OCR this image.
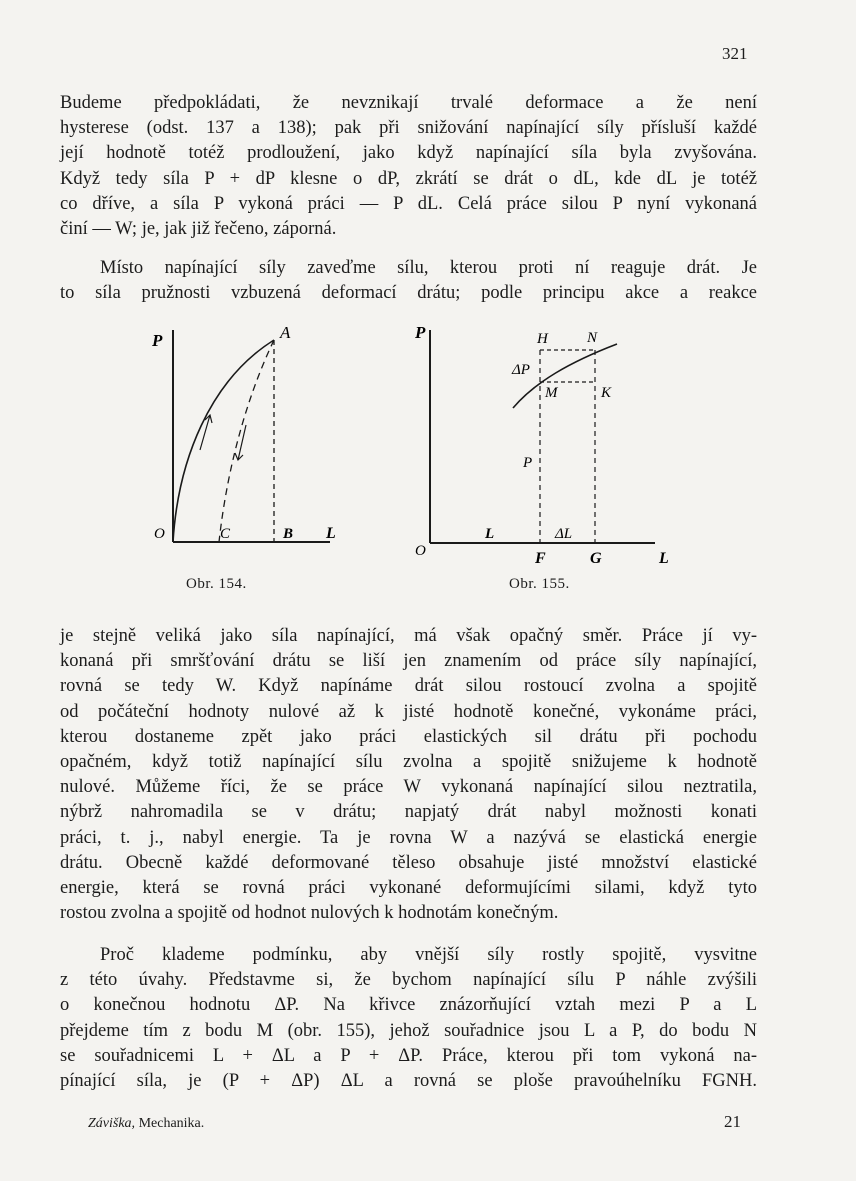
321
Budeme předpokládati, že nevznikají trvalé deformace a že není
hysterese (odst. 137 a 138); pak při snižování napínající síly přísluší každé
její hodnotě totéž prodloužení, jako když napínající síla byla zvyšována.
Když tedy síla P + dP klesne o dP, zkrátí se drát o dL, kde dL je totéž
co dříve, a síla P vykoná práci — P dL. Celá práce silou P nyní vykonaná
činí — W; je, jak již řečeno, záporná.
Místo napínající síly zaveďme sílu, kterou proti ní reaguje drát. Je
to síla pružnosti vzbuzená deformací drátu; podle principu akce a reakce
P	A
O	C	B L
Obr. 154.
P	H	N
ΔP
M	K
P
O
L	ΔL
F	G	L
Obr. 155.
je stejně veliká jako síla napínající, má však opačný směr. Práce jí vy-
konaná při smršťování drátu se liší jen znamením od práce síly napínající,
rovná se tedy W. Když napínáme drát silou rostoucí zvolna a spojitě
od počáteční hodnoty nulové až k jisté hodnotě konečné, vykonáme práci,
kterou dostaneme zpět jako práci elastických sil drátu při pochodu
opačném, když totiž napínající sílu zvolna a spojitě snižujeme k hodnotě
nulové. Můžeme říci, že se práce W vykonaná napínající silou neztratila,
nýbrž nahromadila se v drátu; napjatý drát nabyl možnosti konati
práci, t. j., nabyl energie. Ta je rovna W a nazývá se elastická energie
drátu. Obecně každé deformované těleso obsahuje jisté množství elastické
energie, která se rovná práci vykonané deformujícími silami, když tyto
rostou zvolna a spojitě od hodnot nulových k hodnotám konečným.
Proč klademe podmínku, aby vnější síly rostly spojitě, vysvitne
z této úvahy. Představme si, že bychom napínající sílu P náhle zvýšili
o konečnou hodnotu ΔP. Na křivce znázorňující vztah mezi P a L
přejdeme tím z bodu M (obr. 155), jehož souřadnice jsou L a P, do bodu N
se souřadnicemi L + ΔL a P + ΔP. Práce, kterou při tom vykoná na-
pínající síla, je (P + ΔP) ΔL a rovná se ploše pravoúhelníku FGNH.
Záviška, Mechanika.	21
